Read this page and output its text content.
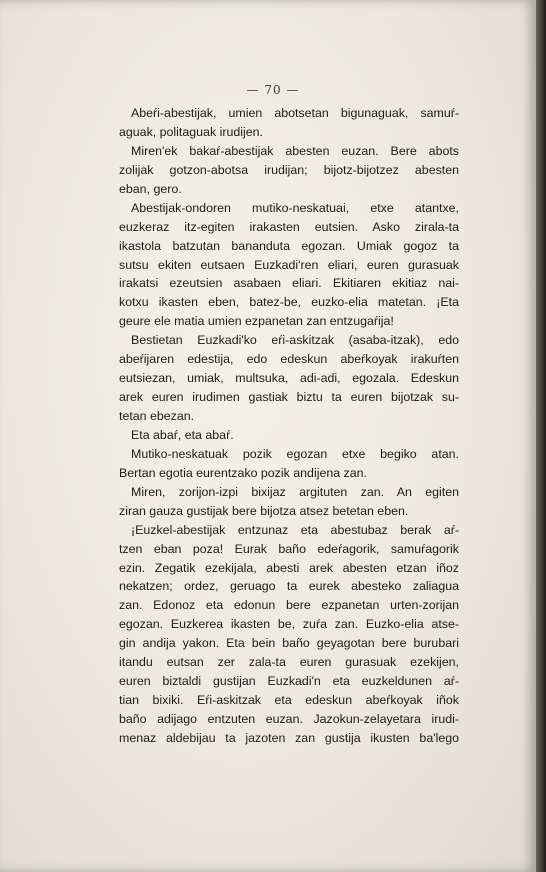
— 70 —
Abeŕi-abestijak, umien abotsetan bigunaguak, samuŕ-
aguak, politaguak irudijen.
Miren'ek bakaŕ-abestijak abesten euzan. Bere abots
zolijak gotzon-abotsa irudijan; bijotz-bijotzez abesten
eban, gero.
Abestijak-ondoren mutiko-neskatuai, etxe atantxe,
euzkeraz itz-egiten irakasten eutsien. Asko zirala-ta
ikastola batzutan bananduta egozan. Umiak gogoz ta
sutsu ekiten eutsaen Euzkadi'ren eliari, euren gurasuak
irakatsi ezeutsien asabaen eliari. Ekitiaren ekitiaz nai-
kotxu ikasten eben, batez-be, euzko-elia matetan. ¡Eta
geure ele matia umien ezpanetan zan entzugaŕija!
Bestietan Euzkadi'ko eŕi-askitzak (asaba-itzak), edo
abeŕijaren edestija, edo edeskun abeŕkoyak irakuŕten
eutsiezan, umiak, multsuka, adi-adi, egozala. Edeskun
arek euren irudimen gastiak biztu ta euren bijotzak su-
tetan ebezan.
Eta abaŕ, eta abaŕ.
Mutiko-neskatuak pozik egozan etxe begiko atan.
Bertan egotia eurentzako pozik andijena zan.
Miren, zorijon-izpi bixijaz argituten zan. An egiten
ziran gauza gustijak bere bijotza atsez betetan eben.
¡Euzkel-abestijak entzunaz eta abestubaz berak aŕ-
tzen eban poza! Eurak baño edeŕagorik, samuŕagorik
ezin. Zegatik ezekijala, abesti arek abesten etzan iñoz
nekatzen; ordez, geruago ta eurek abesteko zaliagua
zan. Edonoz eta edonun bere ezpanetan urten-zorijan
egozan. Euzkerea ikasten be, zuŕa zan. Euzko-elia atse-
gin andija yakon. Eta bein baño geyagotan bere burubari
itandu eutsan zer zala-ta euren gurasuak ezekijen,
euren biztaldi gustijan Euzkadi'n eta euzkeldunen aŕ-
tian bixiki. Eŕi-askitzak eta edeskun abeŕkoyak iñok
baño adijago entzuten euzan. Jazokun-zelayetara irudi-
menaz aldebijau ta jazoten zan gustija ikusten ba'lego
